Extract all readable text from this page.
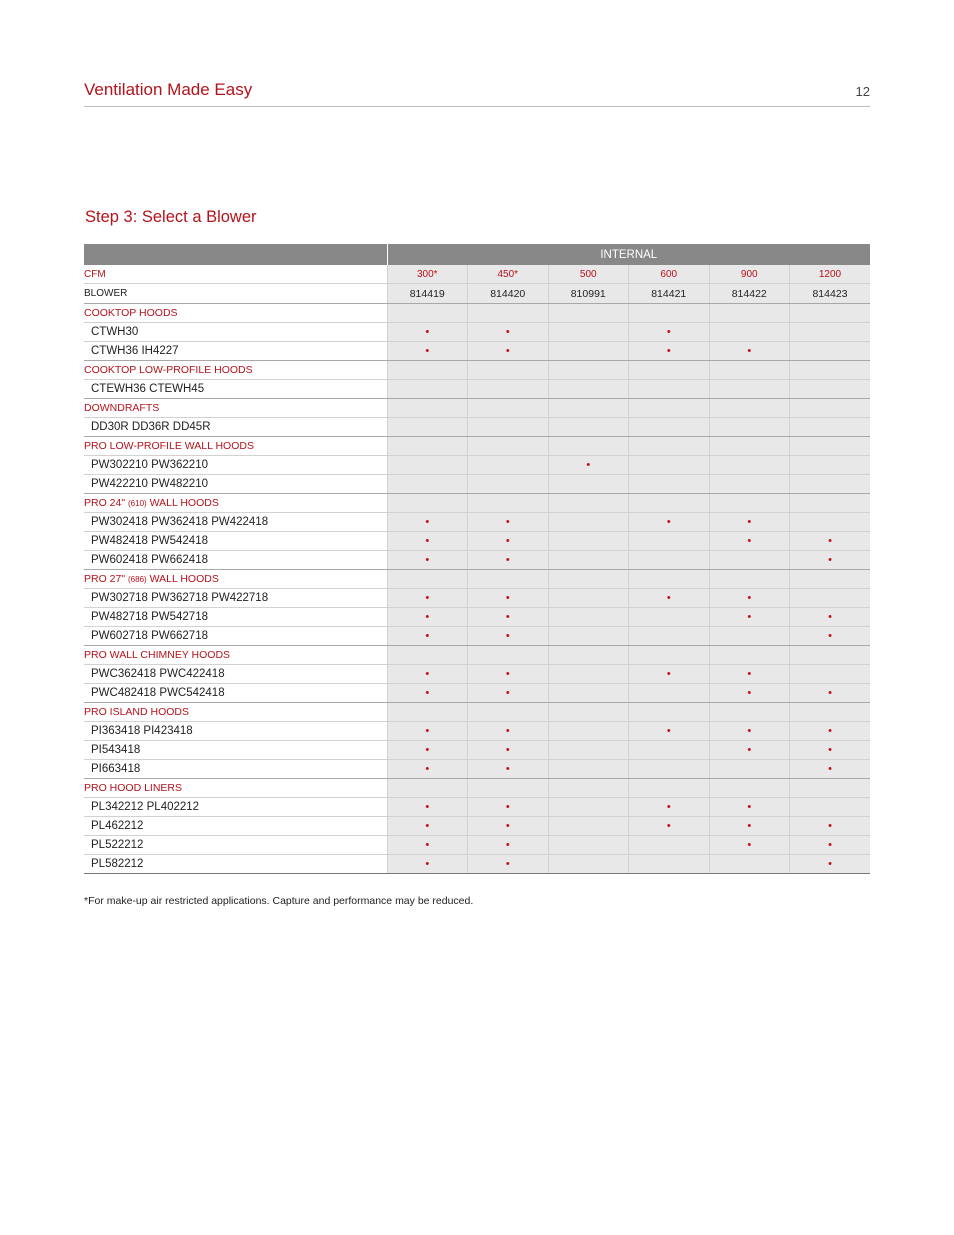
Ventilation Made Easy	12
Step 3: Select a Blower
	INTERNAL					
CFM	300*	450*	500	600	900	1200
BLOWER	814419	814420	810991	814421	814422	814423
COOKTOP HOODS						
CTWH30	•	•		•		
CTWH36 IH4227	•	•		•	•	
COOKTOP LOW-PROFILE HOODS						
CTEWH36 CTEWH45						
DOWNDRAFTS						
DD30R DD36R DD45R						
PRO LOW-PROFILE WALL HOODS						
PW302210 PW362210			•			
PW422210 PW482210						
PRO 24" (610) WALL HOODS						
PW302418 PW362418 PW422418	•	•		•	•	
PW482418 PW542418	•	•			•	•
PW602418 PW662418	•	•				•
PRO 27" (686) WALL HOODS						
PW302718 PW362718 PW422718	•	•		•	•	
PW482718 PW542718	•	•			•	•
PW602718 PW662718	•	•				•
PRO WALL CHIMNEY HOODS						
PWC362418 PWC422418	•	•		•	•	
PWC482418 PWC542418	•	•			•	•
PRO ISLAND HOODS						
PI363418 PI423418	•	•		•	•	•
PI543418	•	•			•	•
PI663418	•	•				•
PRO HOOD LINERS						
PL342212 PL402212	•	•		•	•	
PL462212	•	•		•	•	•
PL522212	•	•			•	•
PL582212	•	•				•
*For make-up air restricted applications. Capture and performance may be reduced.
